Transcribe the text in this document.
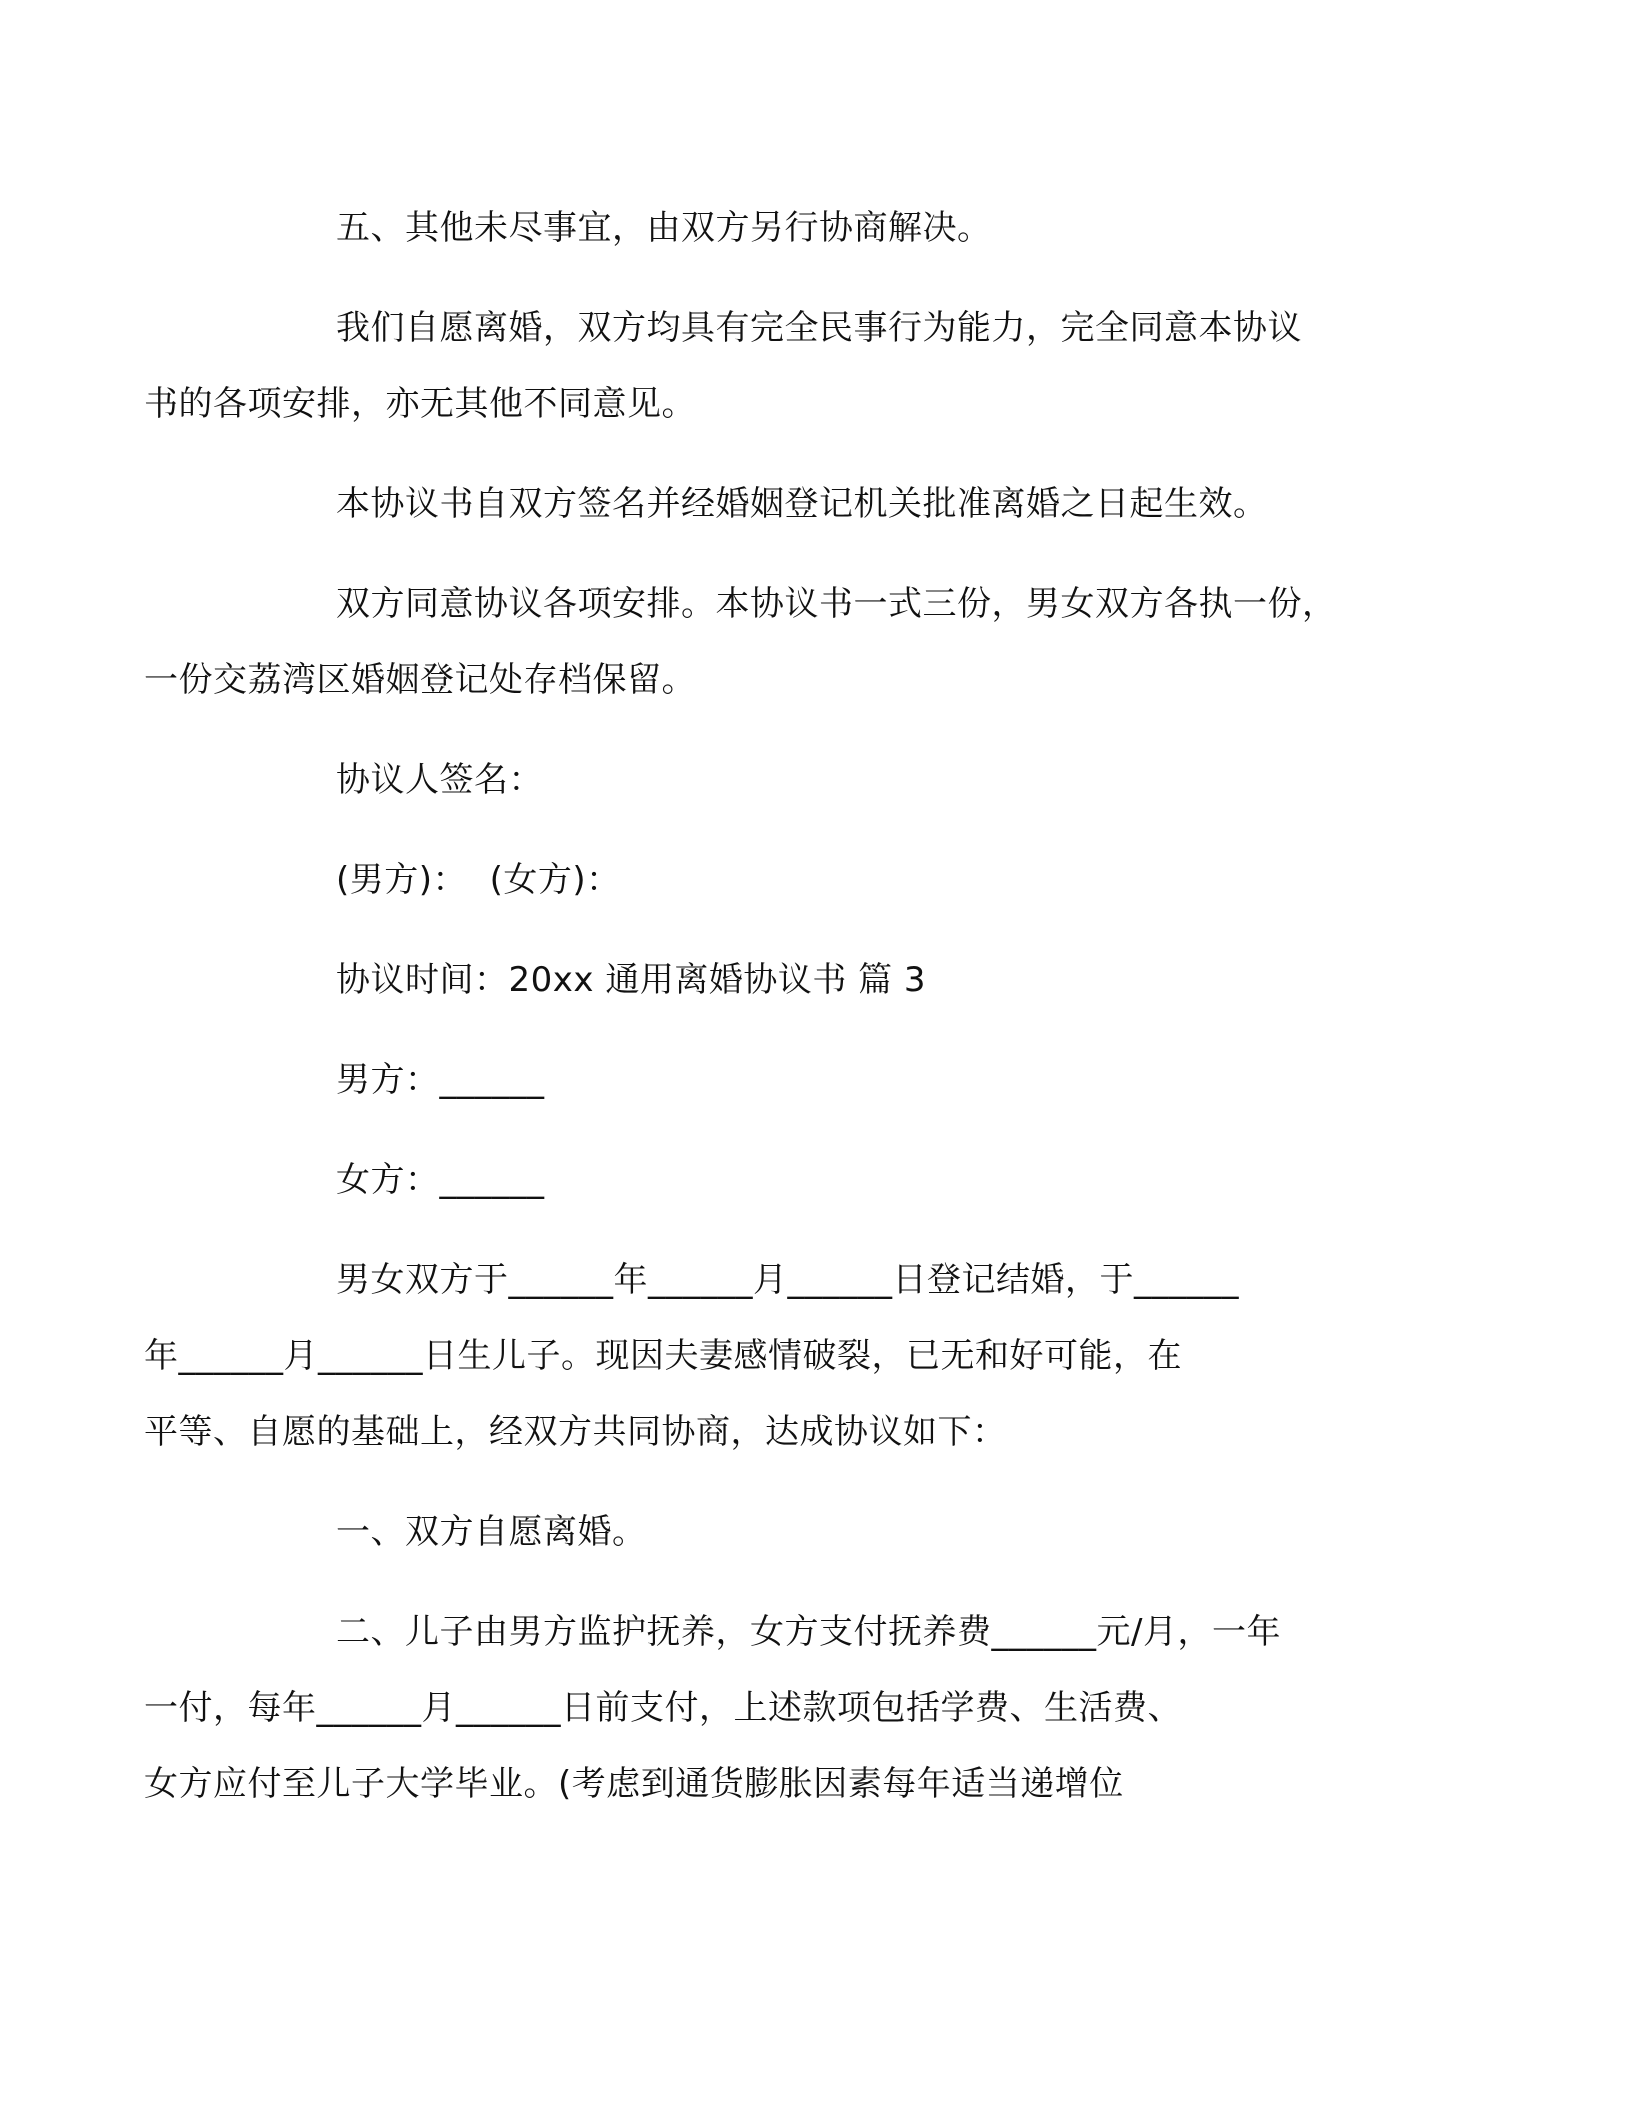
五、其他未尽事宜，由双方另行协商解决。

我们自愿离婚，双方均具有完全民事行为能力，完全同意本协议
书的各项安排，亦无其他不同意见。

本协议书自双方签名并经婚姻登记机关批准离婚之日起生效。

双方同意协议各项安排。本协议书一式三份，男女双方各执一份，
一份交荔湾区婚姻登记处存档保留。

协议人签名：

(男方)：  (女方)：

协议时间：20xx 通用离婚协议书 篇 3

男方：______

女方：______

男女双方于______年______月______日登记结婚，于______
年______月______日生儿子。现因夫妻感情破裂，已无和好可能，在
平等、自愿的基础上，经双方共同协商，达成协议如下：

一、双方自愿离婚。

二、儿子由男方监护抚养，女方支付抚养费______元/月，一年
一付，每年______月______日前支付，上述款项包括学费、生活费、
女方应付至儿子大学毕业。(考虑到通货膨胀因素每年适当递增位
